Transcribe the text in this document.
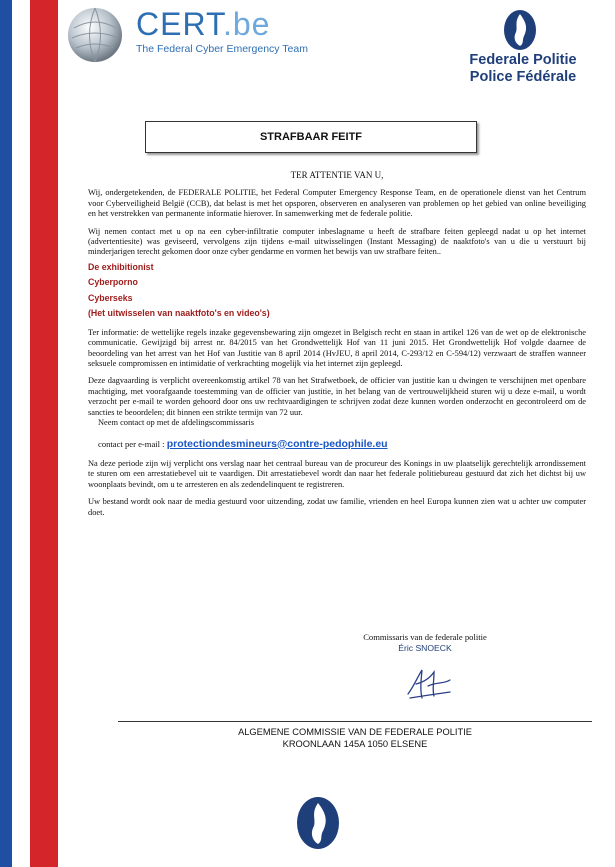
CERT.be
The Federal Cyber Emergency Team
Federale Politie
Police Fédérale
STRAFBAAR FEITF
TER ATTENTIE VAN U,

Wij, ondergetekenden, de FEDERALE POLITIE, het Federal Computer Emergency Response Team, en de operationele dienst van het Centrum voor Cyberveiligheid België (CCB), dat belast is met het opsporen, observeren en analyseren van problemen op het gebied van online beveiliging en het verstrekken van permanente informatie hierover. In samenwerking met de federale politie.

Wij nemen contact met u op na een cyber-infiltratie computer inbeslagname u heeft de strafbare feiten gepleegd nadat u op het internet (advertentiesite) was geviseerd, vervolgens zijn tijdens e-mail uitwisselingen (Instant Messaging) de naaktfoto's van u die u verstuurt bij minderjarigen terecht gekomen door onze cyber gendarme en vormen het bewijs van uw strafbare feiten..

De exhibitionist
Cyberporno
Cyberseks
(Het uitwisselen van naaktfoto's en video's)

Ter informatie: de wettelijke regels inzake gegevensbewaring zijn omgezet in Belgisch recht en staan in artikel 126 van de wet op de elektronische communicatie. Gewijzigd bij arrest nr. 84/2015 van het Grondwettelijk Hof van 11 juni 2015. Het Grondwettelijk Hof volgde daarnee de beoordeling van het arrest van het Hof van Justitie van 8 april 2014 (HvJEU, 8 april 2014, C-293/12 en C-594/12) verzwaart de straffen wanneer seksuele compromissen en intimidatie of verkrachting mogelijk via het internet zijn gepleegd.

Deze dagvaarding is verplicht overeenkomstig artikel 78 van het Strafwetboek, de officier van justitie kan u dwingen te verschijnen met openbare machtiging, met voorafgaande toestemming van de officier van justitie, in het belang van de vertrouwelijkheid sturen wij u deze e-mail, u wordt verzocht per e-mail te worden gehoord door ons uw rechtvaardigingen te schrijven zodat deze kunnen worden onderzocht en gecontroleerd om de sancties te beoordelen; dit binnen een strikte termijn van 72 uur.

Neem contact op met de afdelingscommissaris
contact per e-mail : protectiondesmineurs@contre-pedophile.eu

Na deze periode zijn wij verplicht ons verslag naar het centraal bureau van de procureur des Konings in uw plaatselijk gerechtelijk arrondissement te sturen om een arrestatiebevel uit te vaardigen. Dit arrestatiebevel wordt dan naar het federale politiebureau gestuurd dat zich het dichtst bij uw woonplaats bevindt, om u te arresteren en als zedendelinquent te registreren.

Uw bestand wordt ook naar de media gestuurd voor uitzending, zodat uw familie, vrienden en heel Europa kunnen zien wat u achter uw computer doet.

Commissaris van de federale politie
Éric SNOECK
ALGEMENE COMMISSIE VAN DE FEDERALE POLITIE
KROONLAAN 145A 1050 ELSENE
